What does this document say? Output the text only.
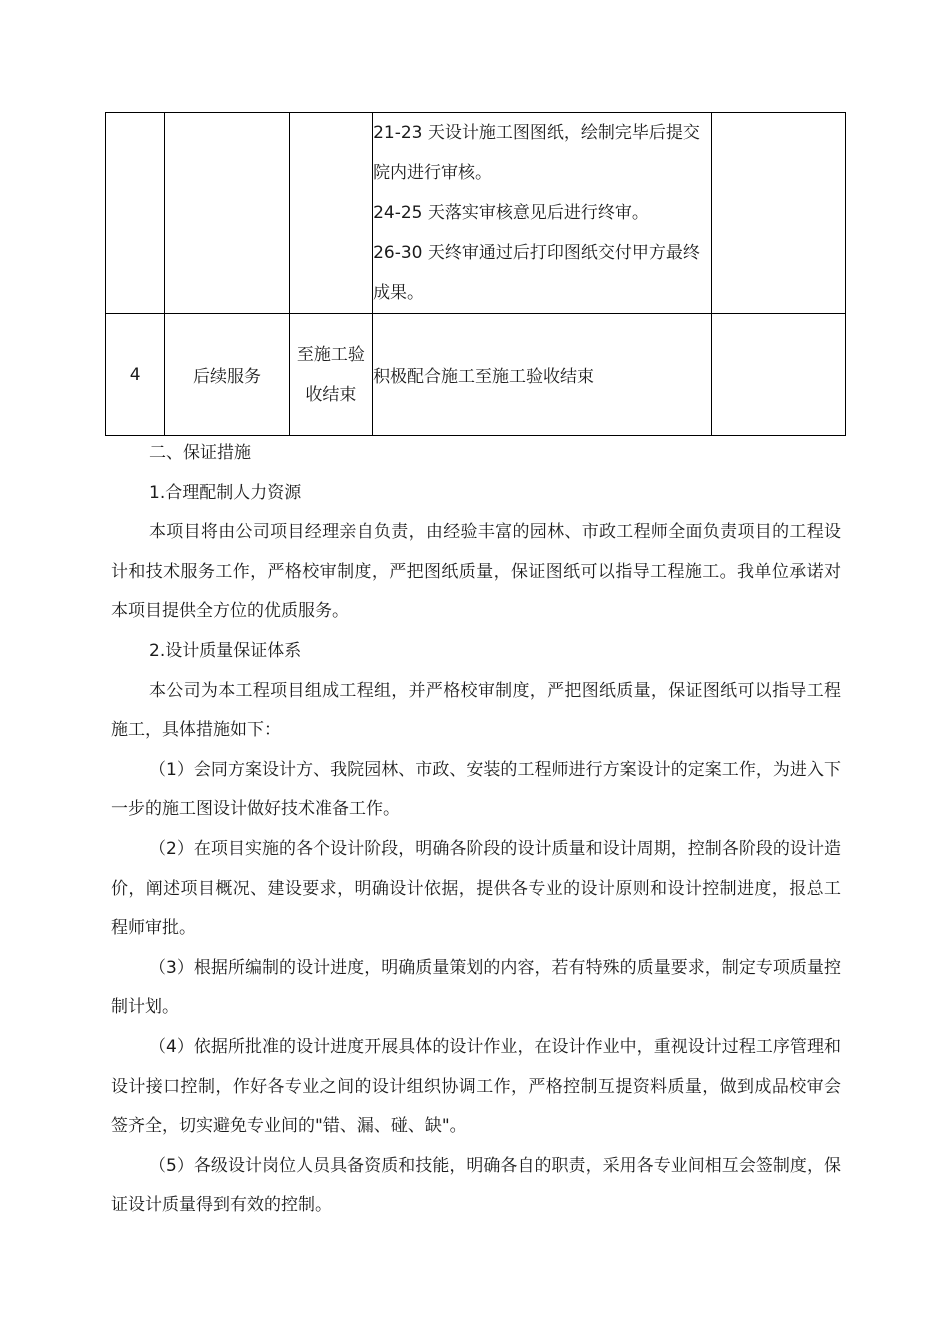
			21-23 天设计施工图图纸，绘制完毕后提交院内进行审核。

24-25 天落实审核意见后进行终审。

26-30 天终审通过后打印图纸交付甲方最终成果。	

4	后续服务	至施工验收结束	积极配合施工至施工验收结束	

二、保证措施

1.合理配制人力资源

本项目将由公司项目经理亲自负责，由经验丰富的园林、市政工程师全面负责项目的工程设计和技术服务工作，严格校审制度，严把图纸质量，保证图纸可以指导工程施工。我单位承诺对本项目提供全方位的优质服务。

2.设计质量保证体系

本公司为本工程项目组成工程组，并严格校审制度，严把图纸质量，保证图纸可以指导工程施工，具体措施如下：

（1）会同方案设计方、我院园林、市政、安装的工程师进行方案设计的定案工作，为进入下一步的施工图设计做好技术准备工作。

（2）在项目实施的各个设计阶段，明确各阶段的设计质量和设计周期，控制各阶段的设计造价，阐述项目概况、建设要求，明确设计依据，提供各专业的设计原则和设计控制进度，报总工程师审批。

（3）根据所编制的设计进度，明确质量策划的内容，若有特殊的质量要求，制定专项质量控制计划。

（4）依据所批准的设计进度开展具体的设计作业，在设计作业中，重视设计过程工序管理和设计接口控制，作好各专业之间的设计组织协调工作，严格控制互提资料质量，做到成品校审会签齐全，切实避免专业间的"错、漏、碰、缺"。

（5）各级设计岗位人员具备资质和技能，明确各自的职责，采用各专业间相互会签制度，保证设计质量得到有效的控制。
